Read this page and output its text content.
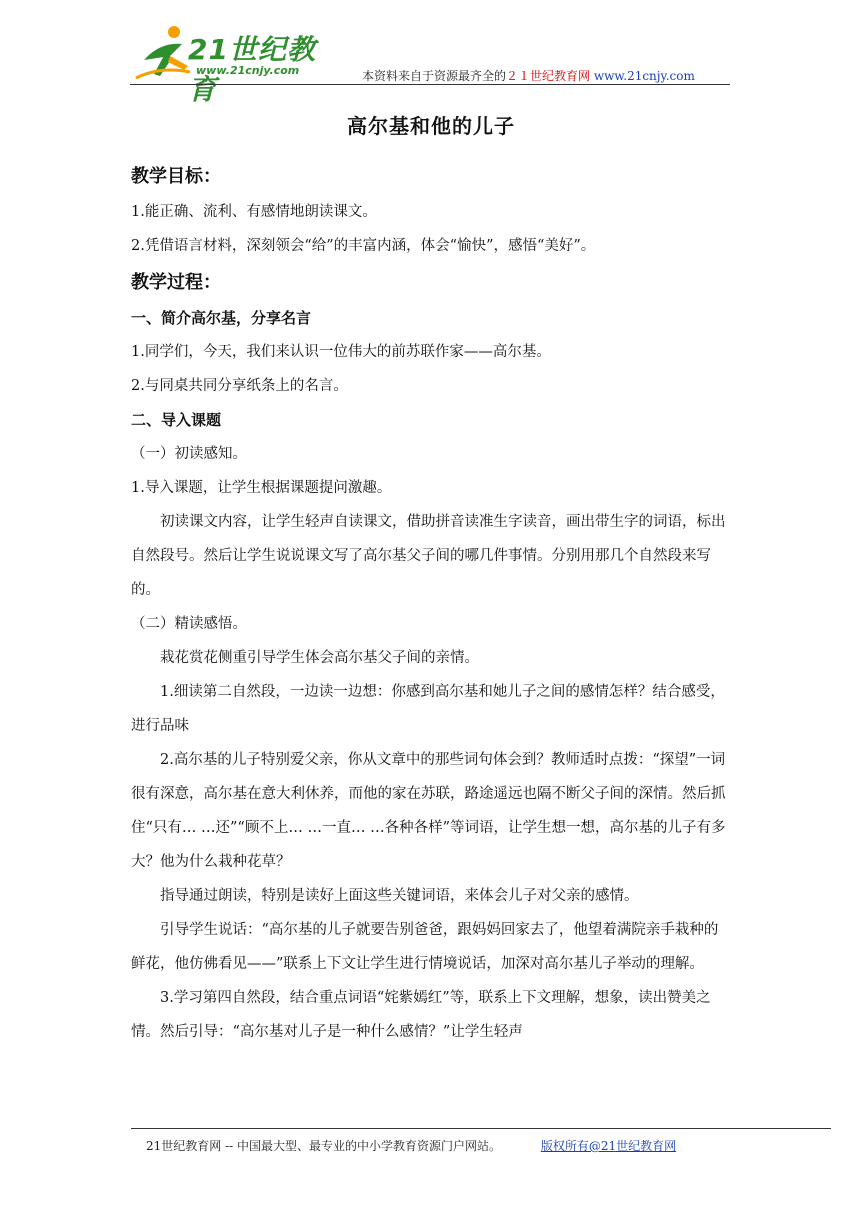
21世纪教育
www.21cnjy.com	本资料来自于资源最齐全的２１世纪教育网 www.21cnjy.com
高尔基和他的儿子
教学目标：

1.能正确、流利、有感情地朗读课文。

2.凭借语言材料，深刻领会“给”的丰富内涵，体会“愉快”，感悟“美好”。

教学过程：
一、简介高尔基，分享名言

1.同学们，今天，我们来认识一位伟大的前苏联作家——高尔基。

2.与同桌共同分享纸条上的名言。

二、导入课题

（一）初读感知。

1.导入课题，让学生根据课题提问激趣。

初读课文内容，让学生轻声自读课文，借助拼音读准生字读音，画出带生字的词语，标出自然段号。然后让学生说说课文写了高尔基父子间的哪几件事情。分别用那几个自然段来写的。

（二）精读感悟。

栽花赏花侧重引导学生体会高尔基父子间的亲情。

1.细读第二自然段，一边读一边想：你感到高尔基和她儿子之间的感情怎样？结合感受，进行品味

2.高尔基的儿子特别爱父亲，你从文章中的那些词句体会到？教师适时点拨：“探望”一词很有深意，高尔基在意大利休养，而他的家在苏联，路途遥远也隔不断父子间的深情。然后抓住“只有… …还”“顾不上… …一直… …各种各样”等词语，让学生想一想，高尔基的儿子有多大？他为什么栽种花草？

指导通过朗读，特别是读好上面这些关键词语，来体会儿子对父亲的感情。

引导学生说话：“高尔基的儿子就要告别爸爸，跟妈妈回家去了，他望着满院亲手栽种的鲜花，他仿佛看见——”联系上下文让学生进行情境说话，加深对高尔基儿子举动的理解。

3.学习第四自然段，结合重点词语“姹紫嫣红”等，联系上下文理解，想象，读出赞美之情。然后引导：“高尔基对儿子是一种什么感情？”让学生轻声

21世纪教育网 -- 中国最大型、最专业的中小学教育资源门户网站。	版权所有@21世纪教育网
